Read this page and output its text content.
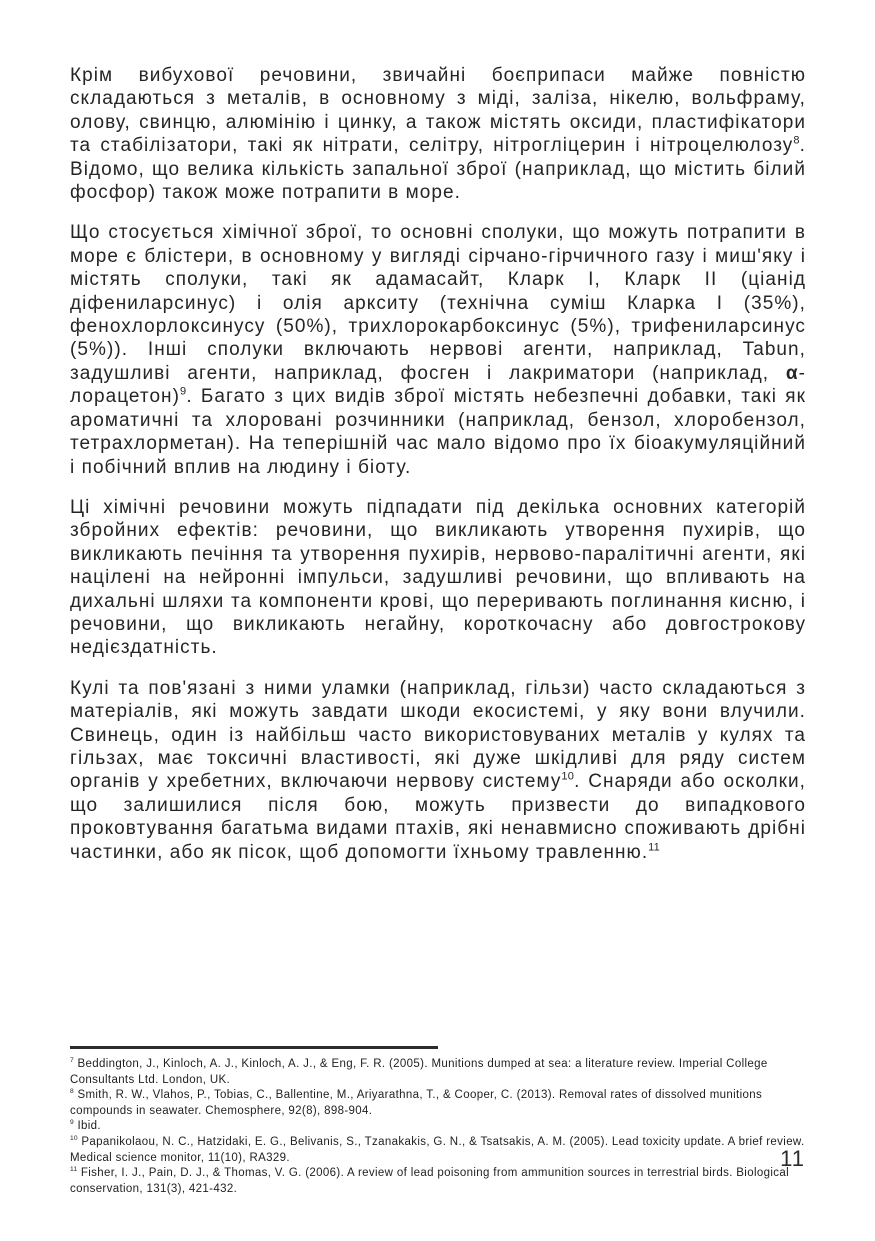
Крім вибухової речовини, звичайні боєприпаси майже повністю складаються з металів, в основному з міді, заліза, нікелю, вольфраму, олову, свинцю, алюмінію і цинку, а також містять оксиди, пластифікатори та стабілізатори, такі як нітрати, селітру, нітрогліцерин і нітроцелюлозу$^8$. Відомо, що велика кількість запальної зброї (наприклад, що містить білий фосфор) також може потрапити в море.

Що стосується хімічної зброї, то основні сполуки, що можуть потрапити в море є блістери, в основному у вигляді сірчано-гірчичного газу і миш'яку і містять сполуки, такі як адамасайт, Кларк I, Кларк II (ціанід діфениларсинус) і олія аркситу (технічна суміш Кларка I (35%), фенохлорлоксинусу (50%), трихлорокарбоксинус (5%), трифениларсинус (5%)). Інші сполуки включають нервові агенти, наприклад, Tabun, задушливі агенти, наприклад, фосген і лакриматори (наприклад, α-лорацетон)$^9$. Багато з цих видів зброї містять небезпечні добавки, такі як ароматичні та хлоровані розчинники (наприклад, бензол, хлоробензол, тетрахлорметан). На теперішній час мало відомо про їх біоакумуляційний і побічний вплив на людину і біоту.

Ці хімічні речовини можуть підпадати під декілька основних категорій збройних ефектів: речовини, що викликають утворення пухирів, що викликають печіння та утворення пухирів, нервово-паралітичні агенти, які націлені на нейронні імпульси, задушливі речовини, що впливають на дихальні шляхи та компоненти крові, що переривають поглинання кисню, і речовини, що викликають негайну, короткочасну або довгострокову недієздатність.

Кулі та пов'язані з ними уламки (наприклад, гільзи) часто складаються з матеріалів, які можуть завдати шкоди екосистемі, у яку вони влучили. Свинець, один із найбільш часто використовуваних металів у кулях та гільзах, має токсичні властивості, які дуже шкідливі для ряду систем органів у хребетних, включаючи нервову систему$^{10}$. Снаряди або осколки, що залишилися після бою, можуть призвести до випадкового проковтування багатьма видами птахів, які ненавмисно споживають дрібні частинки, або як пісок, щоб допомогти їхньому травленню.$^{11}$

$^7$ Beddington, J., Kinloch, A. J., Kinloch, A. J., & Eng, F. R. (2005). Munitions dumped at sea: a literature review. Imperial College Consultants Ltd. London, UK.
$^8$ Smith, R. W., Vlahos, P., Tobias, C., Ballentine, M., Ariyarathna, T., & Cooper, C. (2013). Removal rates of dissolved munitions compounds in seawater. Chemosphere, 92(8), 898-904.
$^9$ Ibid.
$^{10}$ Papanikolaou, N. C., Hatzidaki, E. G., Belivanis, S., Tzanakakis, G. N., & Tsatsakis, A. M. (2005). Lead toxicity update. A brief review. Medical science monitor, 11(10), RA329.
$^{11}$ Fisher, I. J., Pain, D. J., & Thomas, V. G. (2006). A review of lead poisoning from ammunition sources in terrestrial birds. Biological conservation, 131(3), 421-432.
11
